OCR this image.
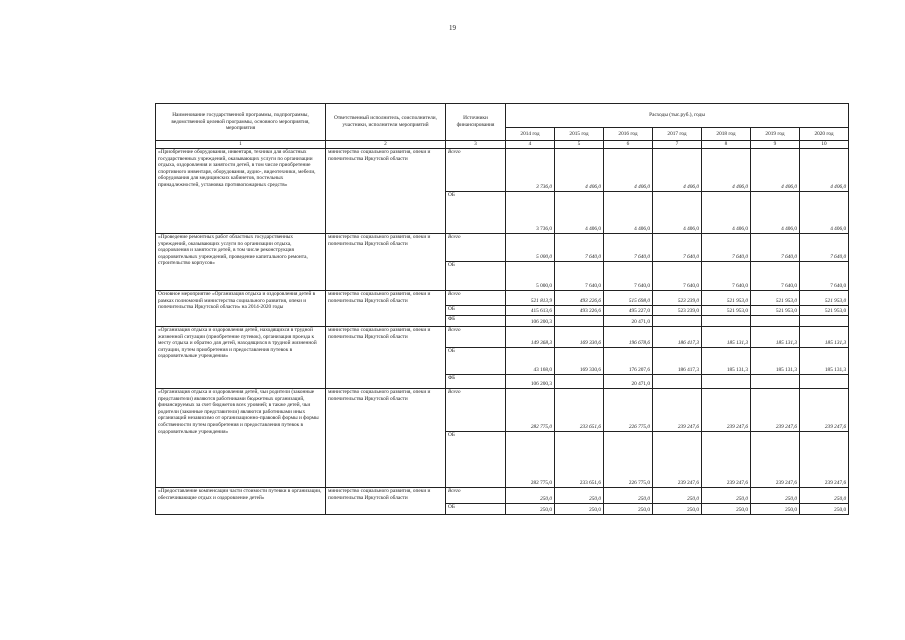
19
Наименование государственной программы, подпрограммы, ведомственной целевой программы, основного мероприятия, мероприятия	Ответственный исполнитель, соисполнители, участники, исполнители мероприятий	Источники финансирования	Расходы (тыс.руб.), годы						
			2014 год	2015 год	2016 год	2017 год	2018 год	2019 год	2020 год
1	2	3	4	5	6	7	8	9	10
«Приобретение оборудования, инвентаря, техники для областных государственных учреждений, оказывающих услуги по организации отдыха, оздоровления и занятости детей, в том числе приобретение спортивного инвентаря, оборудования, аудио-, видеотехники, мебели, оборудования для медицинских кабинетов, постельных принадлежностей, установка противопожарных средств»	министерство социального развития, опеки и попечительства Иркутской области	Всего	3 736,0	4 406,0	4 406,0	4 406,0	4 406,0	4 406,0	4 406,0
		ОБ	3 736,0	4 406,0	4 406,0	4 406,0	4 406,0	4 406,0	4 406,0
«Проведение ремонтных работ областных государственных учреждений, оказывающих услуги по организации отдыха, оздоровления и занятости детей, в том числе реконструкция оздоровительных учреждений, проведение капитального ремонта, строительство корпусов»	министерство социального развития, опеки и попечительства Иркутской области	Всего	5 000,0	7 640,0	7 640,0	7 640,0	7 640,0	7 640,0	7 640,0
		ОБ	5 000,0	7 640,0	7 640,0	7 640,0	7 640,0	7 640,0	7 640,0
Основное мероприятие «Организация отдыха и оздоровления детей в рамках полномочий министерства социального развития, опеки и попечительства Иркутской области» на 2014-2020 годы	министерство социального развития, опеки и попечительства Иркутской области	Всего	521 813,9	493 226,6	515 698,0	523 239,0	521 953,0	521 953,0	521 953,0
		ОБ	415 613,6	493 226,6	495 227,0	523 239,0	521 953,0	521 953,0	521 953,0
		ФБ	106 200,3		20 471,0				
«Организация отдыха и оздоровления детей, находящихся в трудной жизненной ситуации (приобретение путевок), организация проезда к месту отдыха и обратно для детей, находящихся в трудной жизненной ситуации, путем приобретения и предоставления путевок в оздоровительные учреждения»	министерство социального развития, опеки и попечительства Иркутской области	Всего	149 368,3	169 330,6	196 678,6	186 417,3	185 131,3	185 131,3	185 131,3
		ОБ	43 168,0	169 330,6	176 207,6	186 417,3	185 131,3	185 131,3	185 131,3
		ФБ	106 200,3		20 471,0				
«Организация отдыха и оздоровления детей, чьи родители (законные представители) являются работниками бюджетных организаций, финансируемых за счет бюджетов всех уровней; в также детей, чьи родители (законные представители) являются работниками иных организаций независимо от организационно-правовой формы и формы собственности путем приобретения и предоставления путевок в оздоровительные учреждения»	министерство социального развития, опеки и попечительства Иркутской области	Всего	282 775,0	233 651,6	226 775,0	239 247,6	239 247,6	239 247,6	239 247,6
		ОБ	282 775,0	233 651,6	226 775,0	239 247,6	239 247,6	239 247,6	239 247,6
«Предоставление компенсации части стоимости путевки в организации, обеспечивающие отдых и оздоровление детей»	министерство социального развития, опеки и попечительства Иркутской области	Всего	250,0	250,0	250,0	250,0	250,0	250,0	250,0
		ОБ	250,0	250,0	250,0	250,0	250,0	250,0	250,0
